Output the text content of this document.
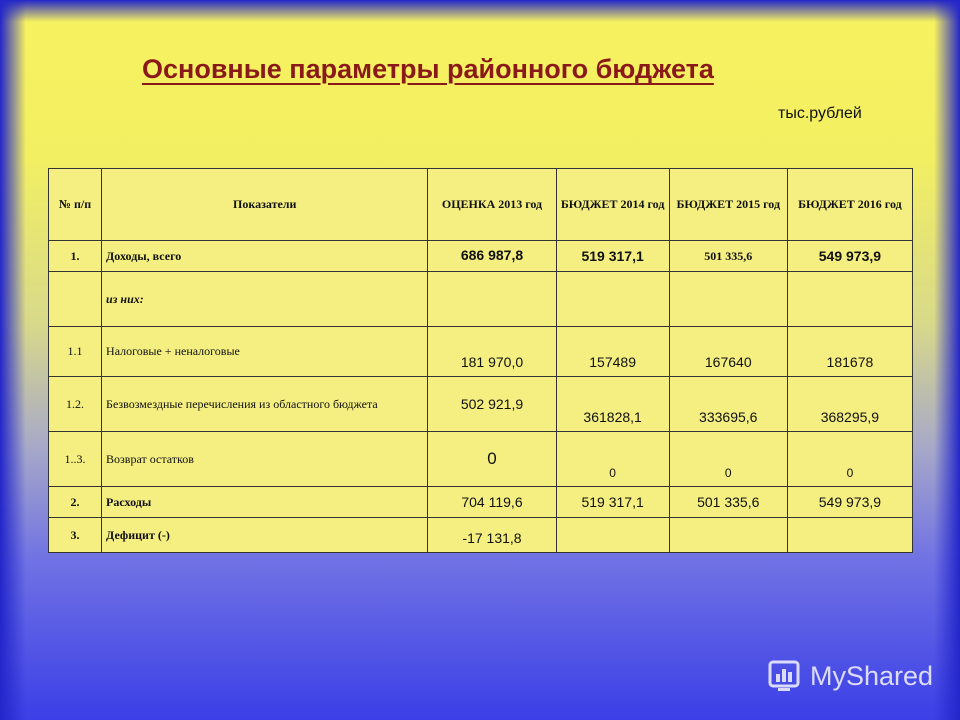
Основные параметры районного бюджета
тыс.рублей
№ п/п	Показатели	ОЦЕНКА 2013 год	БЮДЖЕТ 2014 год	БЮДЖЕТ 2015 год	БЮДЖЕТ 2016 год
1.	Доходы, всего	686 987,8	519 317,1	501 335,6	549 973,9
	из них:				
1.1	Налоговые + неналоговые	181 970,0	157489	167640	181678
1.2.	Безвозмездные перечисления из областного бюджета	502 921,9	361828,1	333695,6	368295,9
1..3.	Возврат остатков	0	0	0	0
2.	Расходы	704 119,6	519 317,1	501 335,6	549 973,9
3.	Дефицит (-)	-17 131,8			
MyShared
